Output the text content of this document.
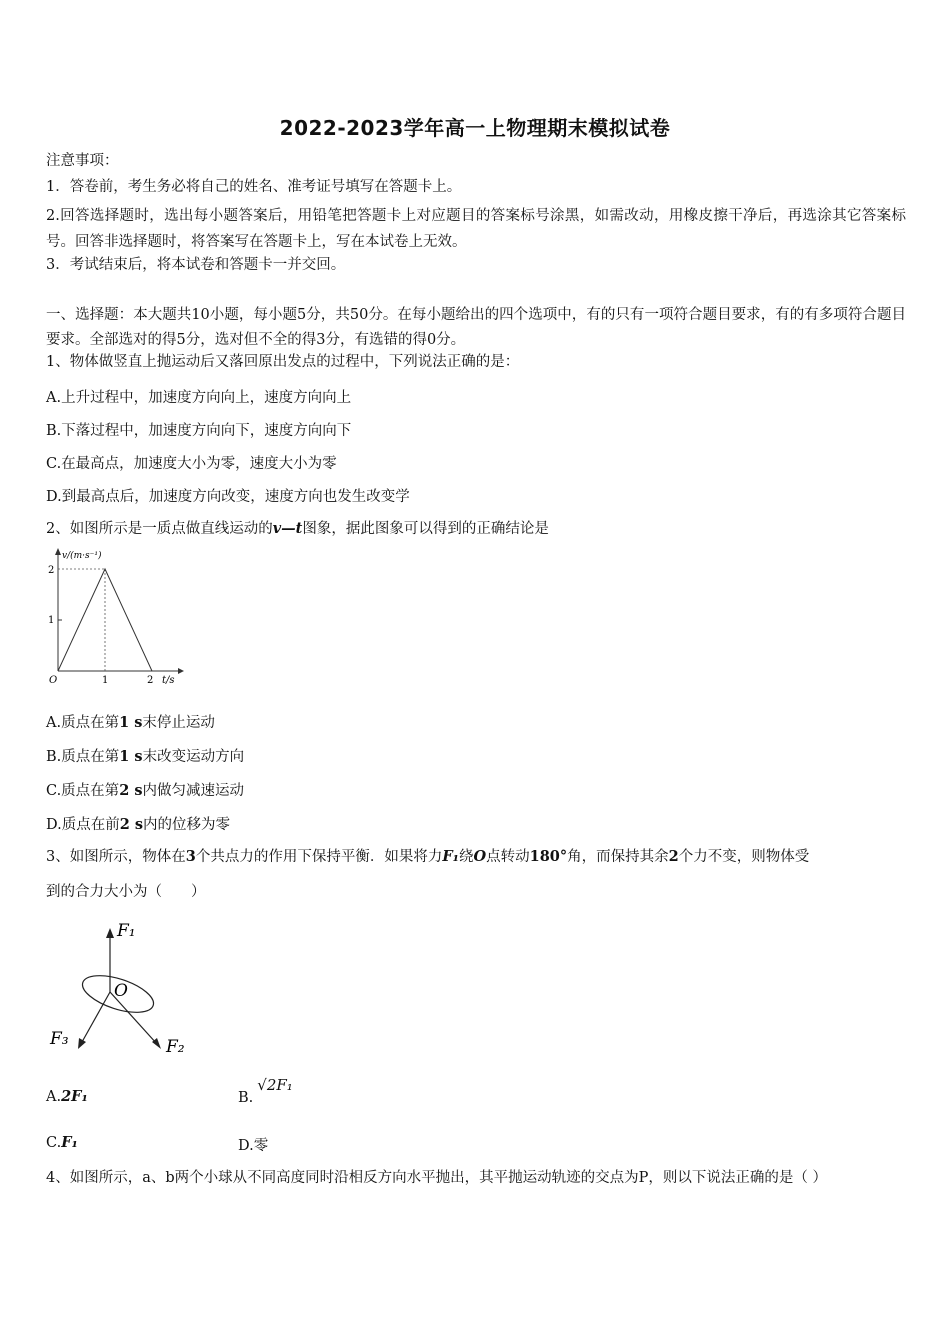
2022-2023学年高一上物理期末模拟试卷
注意事项：
1．答卷前，考生务必将自己的姓名、准考证号填写在答题卡上。
2.回答选择题时，选出每小题答案后，用铅笔把答题卡上对应题目的答案标号涂黑，如需改动，用橡皮擦干净后，再选涂其它答案标号。回答非选择题时，将答案写在答题卡上，写在本试卷上无效。
3．考试结束后，将本试卷和答题卡一并交回。
一、选择题：本大题共10小题，每小题5分，共50分。在每小题给出的四个选项中，有的只有一项符合题目要求，有的有多项符合题目要求。全部选对的得5分，选对但不全的得3分，有选错的得0分。
1、物体做竖直上抛运动后又落回原出发点的过程中，下列说法正确的是：
A.上升过程中，加速度方向向上，速度方向向上
B.下落过程中，加速度方向向下，速度方向向下
C.在最高点，加速度大小为零，速度大小为零
D.到最高点后，加速度方向改变，速度方向也发生改变学
2、如图所示是一质点做直线运动的v—t图象，据此图象可以得到的正确结论是
v/(m·s⁻¹)
2
1
O	1	2 t/s
A.质点在第1 s末停止运动
B.质点在第1 s末改变运动方向
C.质点在第2 s内做匀减速运动
D.质点在前2 s内的位移为零
3、如图所示，物体在3个共点力的作用下保持平衡．如果将力F₁绕O点转动180°角，而保持其余2个力不变，则物体受
到的合力大小为（　　）
F₁
O
F₂
F₃
A.2F₁	B.√2F₁
C.F₁	D.零
4、如图所示，a、b两个小球从不同高度同时沿相反方向水平抛出，其平抛运动轨迹的交点为P，则以下说法正确的是（ ）
